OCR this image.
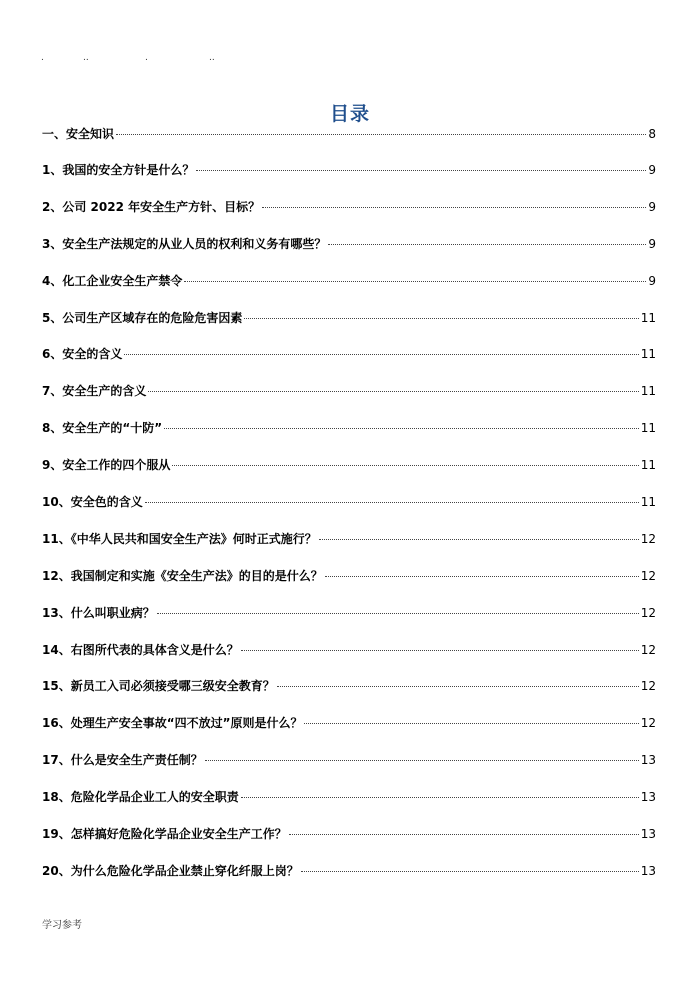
.	..	.	..
目录
一、安全知识	8
1、我国的安全方针是什么？	9
2、公司 2022 年安全生产方针、目标？	9
3、安全生产法规定的从业人员的权利和义务有哪些？	9
4、化工企业安全生产禁令	9
5、公司生产区域存在的危险危害因素	11
6、安全的含义	11
7、安全生产的含义	11
8、安全生产的“十防”	11
9、安全工作的四个服从	11
10、安全色的含义	11
11、《中华人民共和国安全生产法》何时正式施行？	12
12、我国制定和实施《安全生产法》的目的是什么？	12
13、什么叫职业病？	12
14、右图所代表的具体含义是什么？	12
15、新员工入司必须接受哪三级安全教育？	12
16、处理生产安全事故“四不放过”原则是什么？	12
17、什么是安全生产责任制？	13
18、危险化学品企业工人的安全职责	13
19、怎样搞好危险化学品企业安全生产工作？	13
20、为什么危险化学品企业禁止穿化纤服上岗？	13
学习参考
